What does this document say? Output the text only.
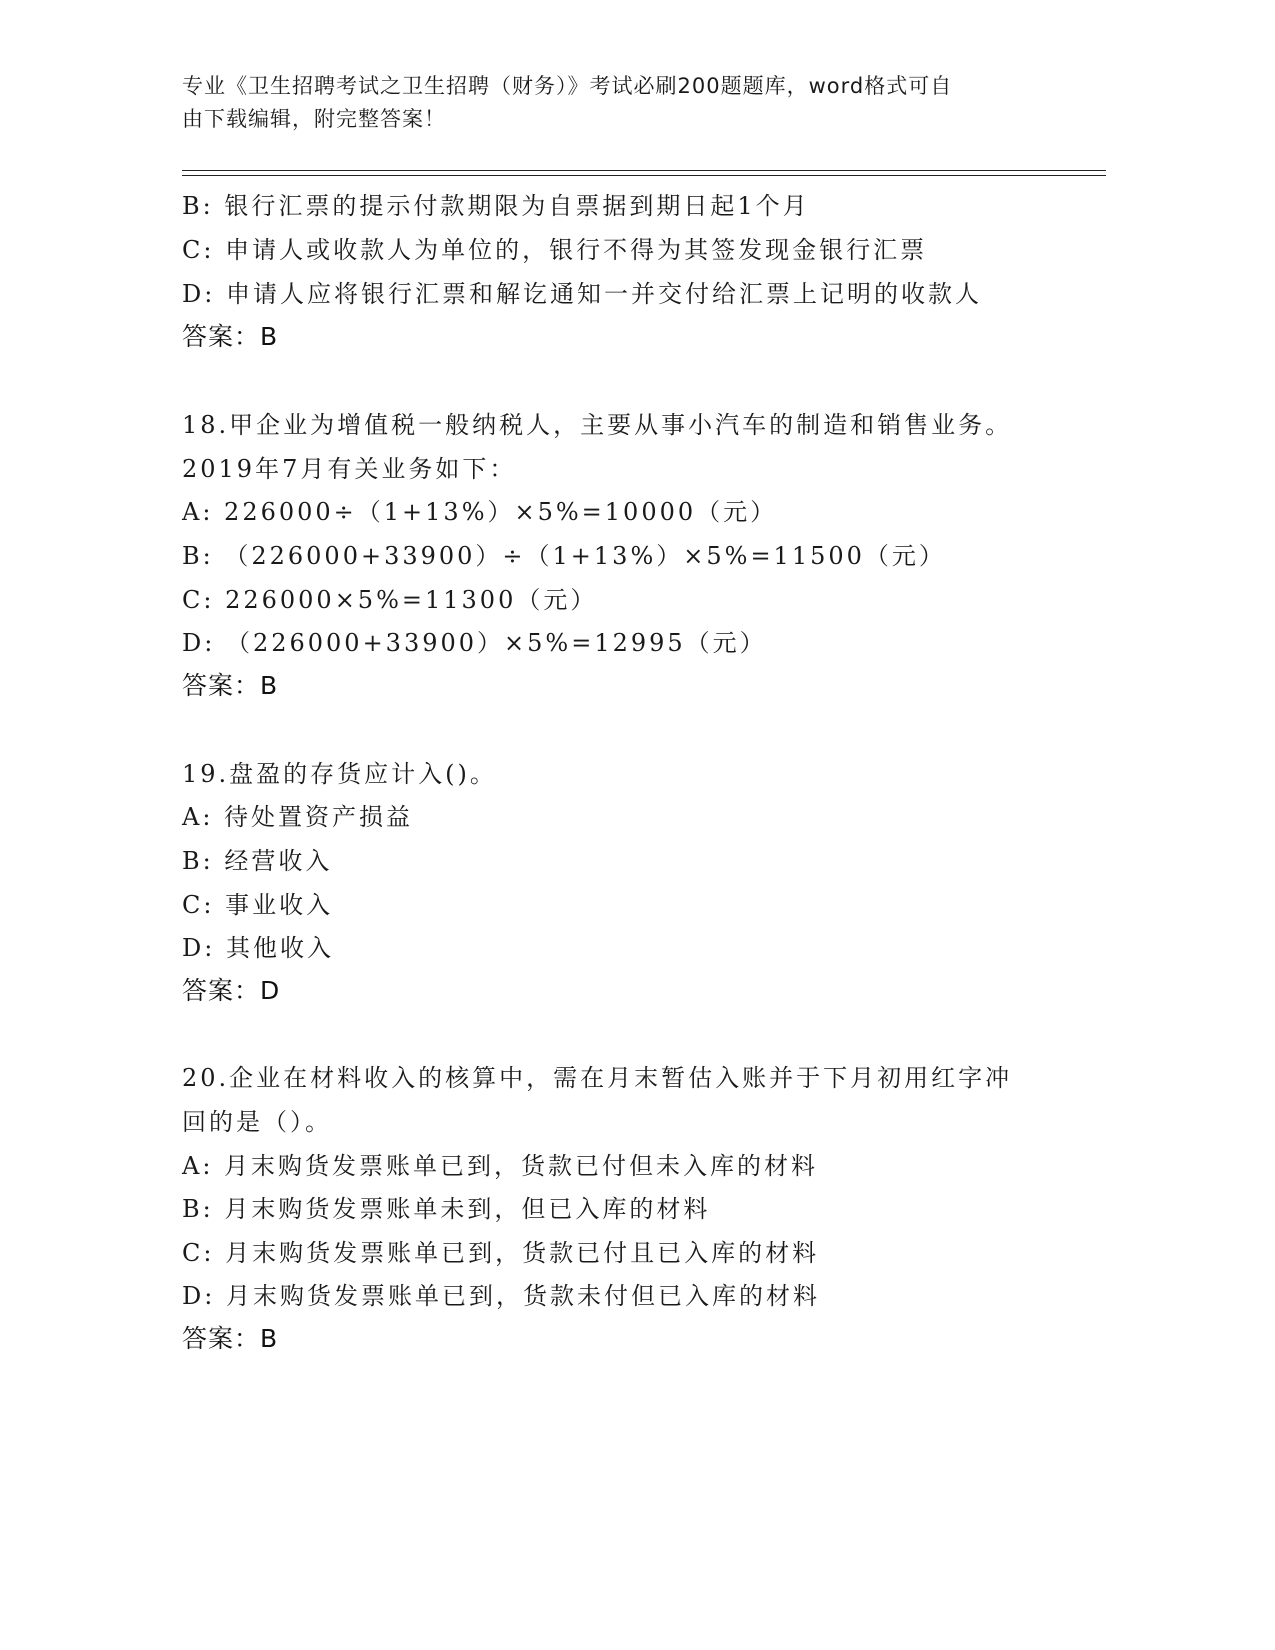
专业《卫生招聘考试之卫生招聘（财务）》考试必刷200题题库，word格式可自
由下载编辑，附完整答案！
B: 银行汇票的提示付款期限为自票据到期日起1个月
C: 申请人或收款人为单位的，银行不得为其签发现金银行汇票
D: 申请人应将银行汇票和解讫通知一并交付给汇票上记明的收款人
答案：B
18.甲企业为增值税一般纳税人，主要从事小汽车的制造和销售业务。
2019年7月有关业务如下：
A: 226000÷（1+13%）×5%=10000（元）
B: （226000+33900）÷（1+13%）×5%=11500（元）
C: 226000×5%=11300（元）
D: （226000+33900）×5%=12995（元）
答案：B
19.盘盈的存货应计入()。
A: 待处置资产损益
B: 经营收入
C: 事业收入
D: 其他收入
答案：D
20.企业在材料收入的核算中，需在月末暂估入账并于下月初用红字冲
回的是（）。
A: 月末购货发票账单已到，货款已付但未入库的材料
B: 月末购货发票账单未到，但已入库的材料
C: 月末购货发票账单已到，货款已付且已入库的材料
D: 月末购货发票账单已到，货款未付但已入库的材料
答案：B
